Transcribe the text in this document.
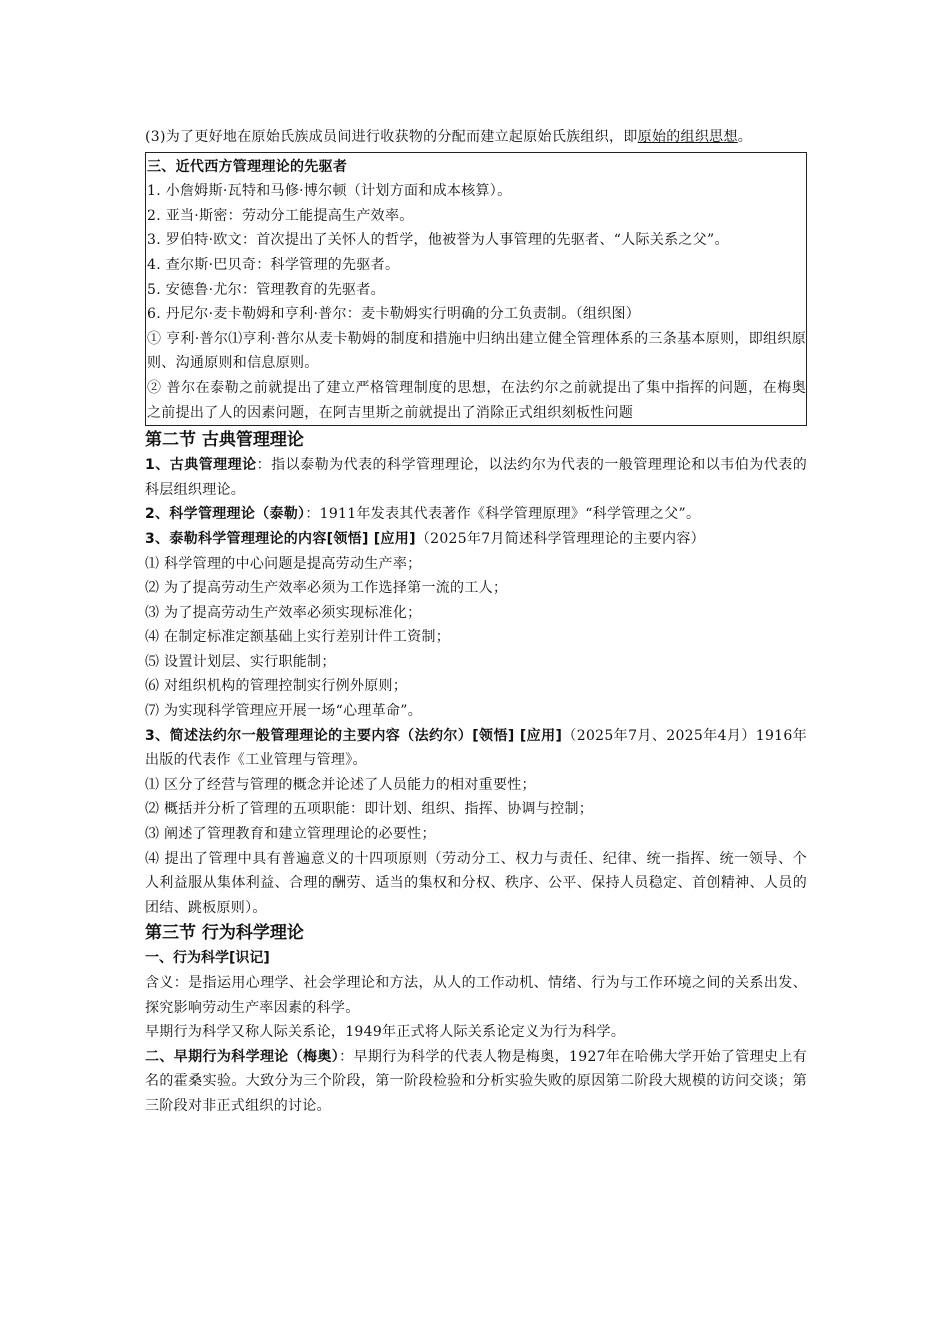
(3)为了更好地在原始氏族成员间进行收获物的分配而建立起原始氏族组织，即原始的组织思想。

三、近代西方管理理论的先驱者

1. 小詹姆斯·瓦特和马修·博尔顿（计划方面和成本核算）。

2. 亚当·斯密：劳动分工能提高生产效率。

3. 罗伯特·欧文：首次提出了关怀人的哲学，他被誉为人事管理的先驱者、“人际关系之父”。

4. 查尔斯·巴贝奇：科学管理的先驱者。

5. 安德鲁·尤尔：管理教育的先驱者。

6. 丹尼尔·麦卡勒姆和亨利·普尔：麦卡勒姆实行明确的分工负责制。（组织图）

① 亨利·普尔⑴亨利·普尔从麦卡勒姆的制度和措施中归纳出建立健全管理体系的三条基本原则，即组织原则、沟通原则和信息原则。

② 普尔在泰勒之前就提出了建立严格管理制度的思想，在法约尔之前就提出了集中指挥的问题，在梅奥之前提出了人的因素问题，在阿吉里斯之前就提出了消除正式组织刻板性问题

第二节 古典管理理论

1、古典管理理论：指以泰勒为代表的科学管理理论，以法约尔为代表的一般管理理论和以韦伯为代表的科层组织理论。

2、科学管理理论（泰勒）：1911年发表其代表著作《科学管理原理》“科学管理之父”。

3、泰勒科学管理理论的内容[领悟] [应用]（2025年7月简述科学管理理论的主要内容）

⑴ 科学管理的中心问题是提高劳动生产率；

⑵ 为了提高劳动生产效率必须为工作选择第一流的工人；

⑶ 为了提高劳动生产效率必须实现标准化；

⑷ 在制定标准定额基础上实行差别计件工资制；

⑸ 设置计划层、实行职能制；

⑹ 对组织机构的管理控制实行例外原则；

⑺ 为实现科学管理应开展一场“心理革命”。

3、简述法约尔一般管理理论的主要内容（法约尔）[领悟] [应用]（2025年7月、2025年4月）1916年出版的代表作《工业管理与管理》。

⑴ 区分了经营与管理的概念并论述了人员能力的相对重要性；

⑵ 概括并分析了管理的五项职能：即计划、组织、指挥、协调与控制；

⑶ 阐述了管理教育和建立管理理论的必要性；

⑷ 提出了管理中具有普遍意义的十四项原则（劳动分工、权力与责任、纪律、统一指挥、统一领导、个人利益服从集体利益、合理的酬劳、适当的集权和分权、秩序、公平、保持人员稳定、首创精神、人员的团结、跳板原则）。

第三节 行为科学理论

一、行为科学[识记]

含义：是指运用心理学、社会学理论和方法，从人的工作动机、情绪、行为与工作环境之间的关系出发、探究影响劳动生产率因素的科学。

早期行为科学又称人际关系论，1949年正式将人际关系论定义为行为科学。

二、早期行为科学理论（梅奥）：早期行为科学的代表人物是梅奥，1927年在哈佛大学开始了管理史上有名的霍桑实验。大致分为三个阶段，第一阶段检验和分析实验失败的原因第二阶段大规模的访问交谈；第三阶段对非正式组织的讨论。
